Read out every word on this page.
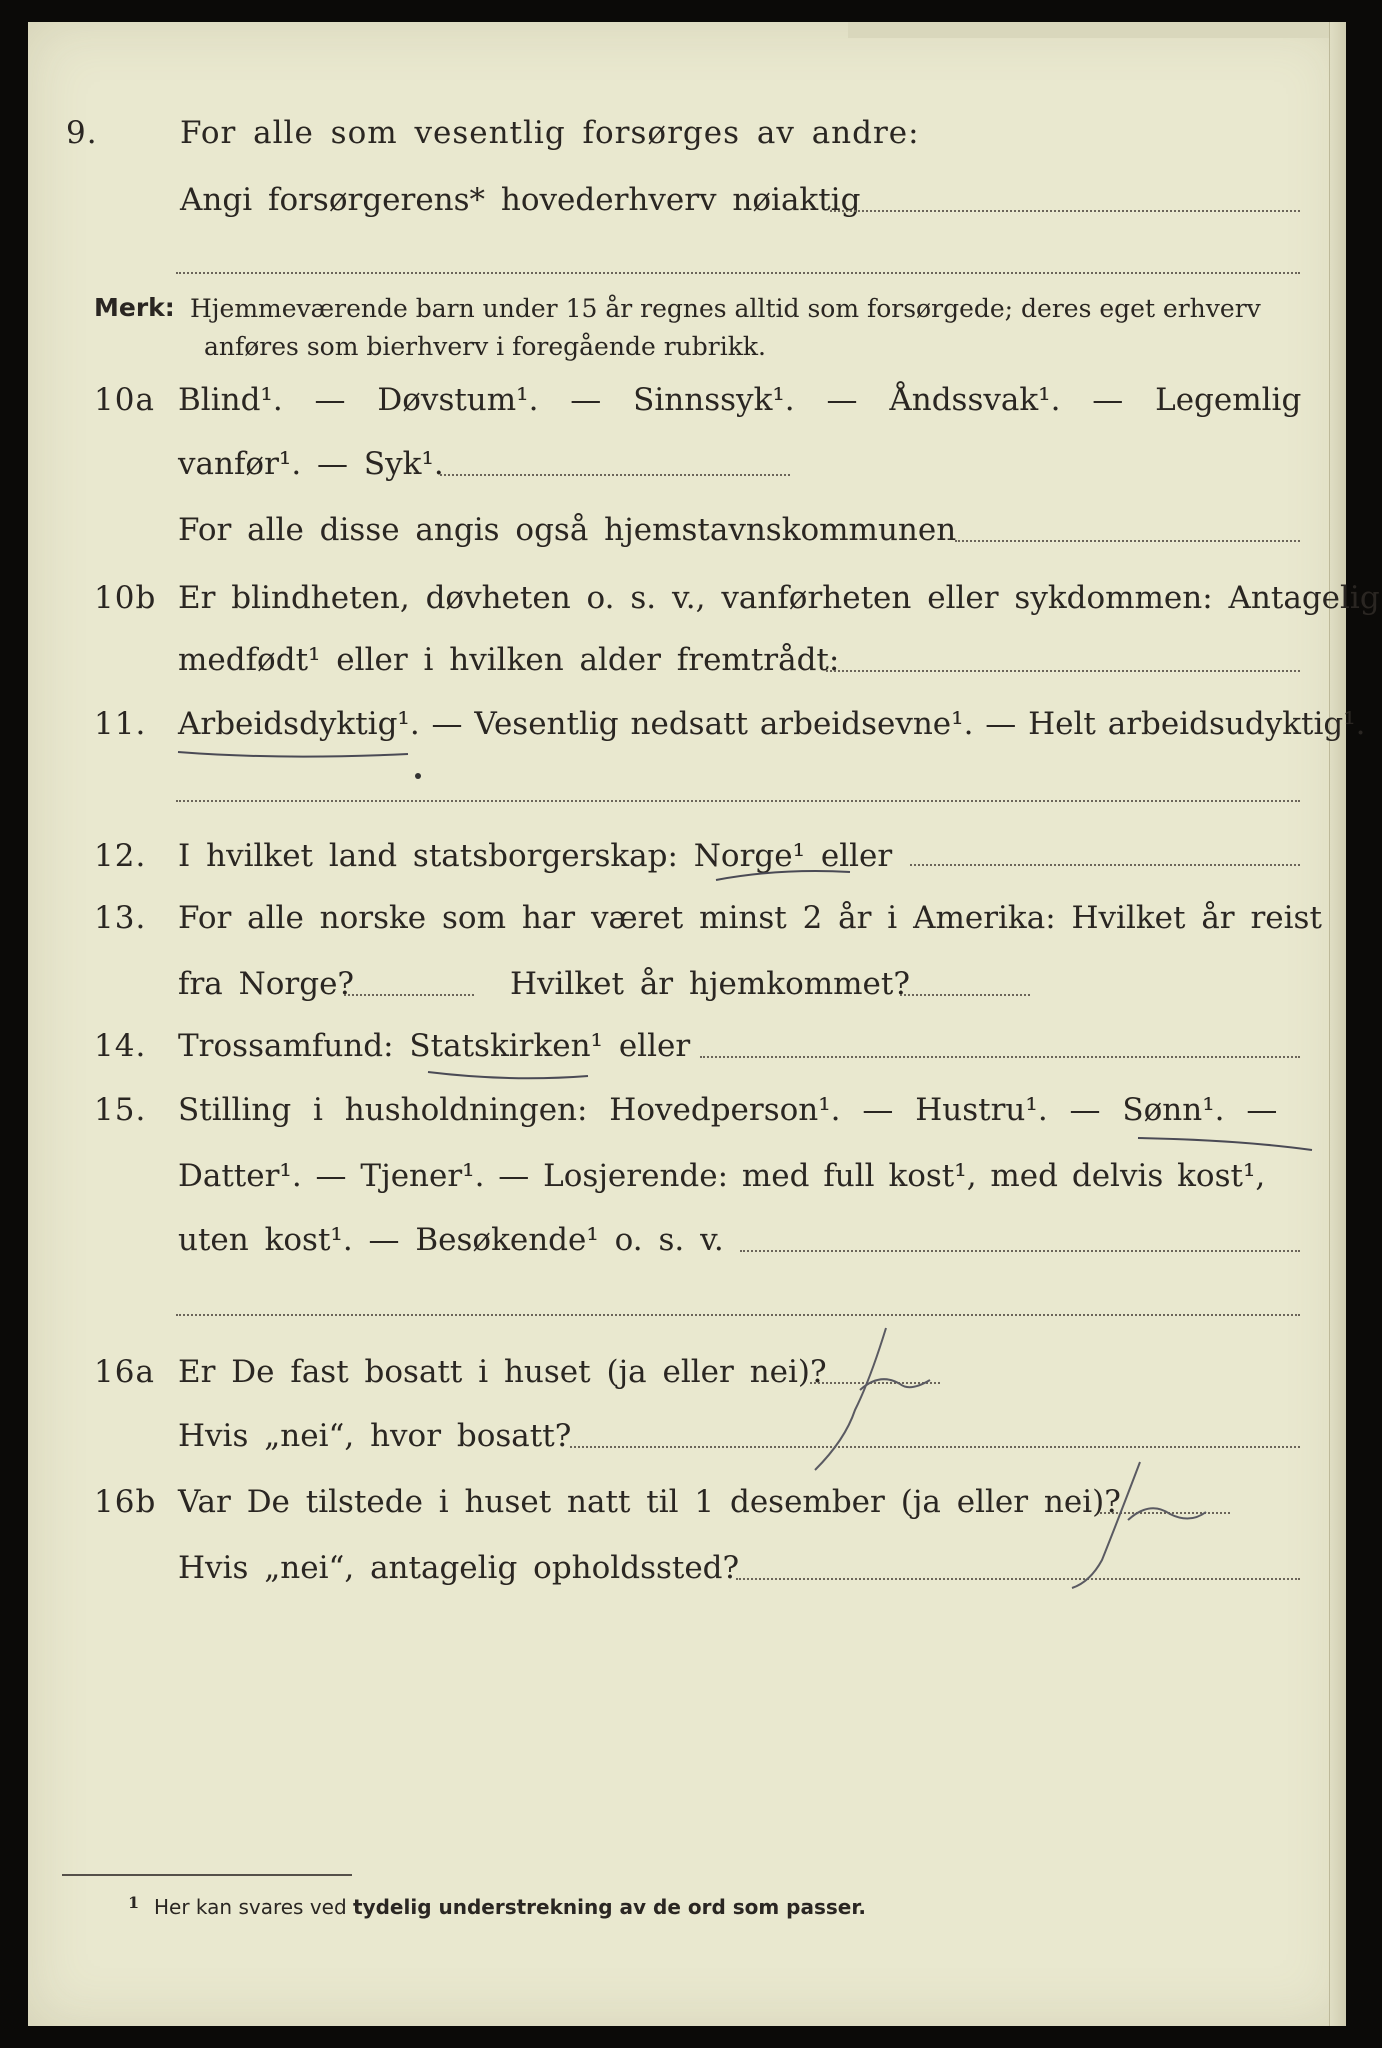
9.	For alle som vesentlig forsørges av andre:
Angi forsørgerens* hovederhverv nøiaktig
Merk: Hjemmeværende barn under 15 år regnes alltid som forsørgede; deres eget erhverv
anføres som bierhverv i foregående rubrikk.
10a Blind¹. — Døvstum¹. — Sinnssyk¹. — Åndssvak¹. — Legemlig
vanfør¹. — Syk¹.
For alle disse angis også hjemstavnskommunen
10b Er blindheten, døvheten o. s. v., vanførheten eller sykdommen: Antagelig
medfødt¹ eller i hvilken alder fremtrådt:
11. Arbeidsdyktig¹. — Vesentlig nedsatt arbeidsevne¹. — Helt arbeidsudyktig¹.
12. I hvilket land statsborgerskap: Norge¹ eller
13. For alle norske som har været minst 2 år i Amerika: Hvilket år reist
fra Norge?	Hvilket år hjemkommet?
14. Trossamfund: Statskirken¹ eller
15. Stilling i husholdningen: Hovedperson¹. — Hustru¹. — Sønn¹. —
Datter¹. — Tjener¹. — Losjerende: med full kost¹, med delvis kost¹,
uten kost¹. — Besøkende¹ o. s. v.
16a Er De fast bosatt i huset (ja eller nei)?
Hvis „nei“, hvor bosatt?
16b Var De tilstede i huset natt til 1 desember (ja eller nei)?
Hvis „nei“, antagelig opholdssted?
1 Her kan svares ved tydelig understrekning av de ord som passer.
